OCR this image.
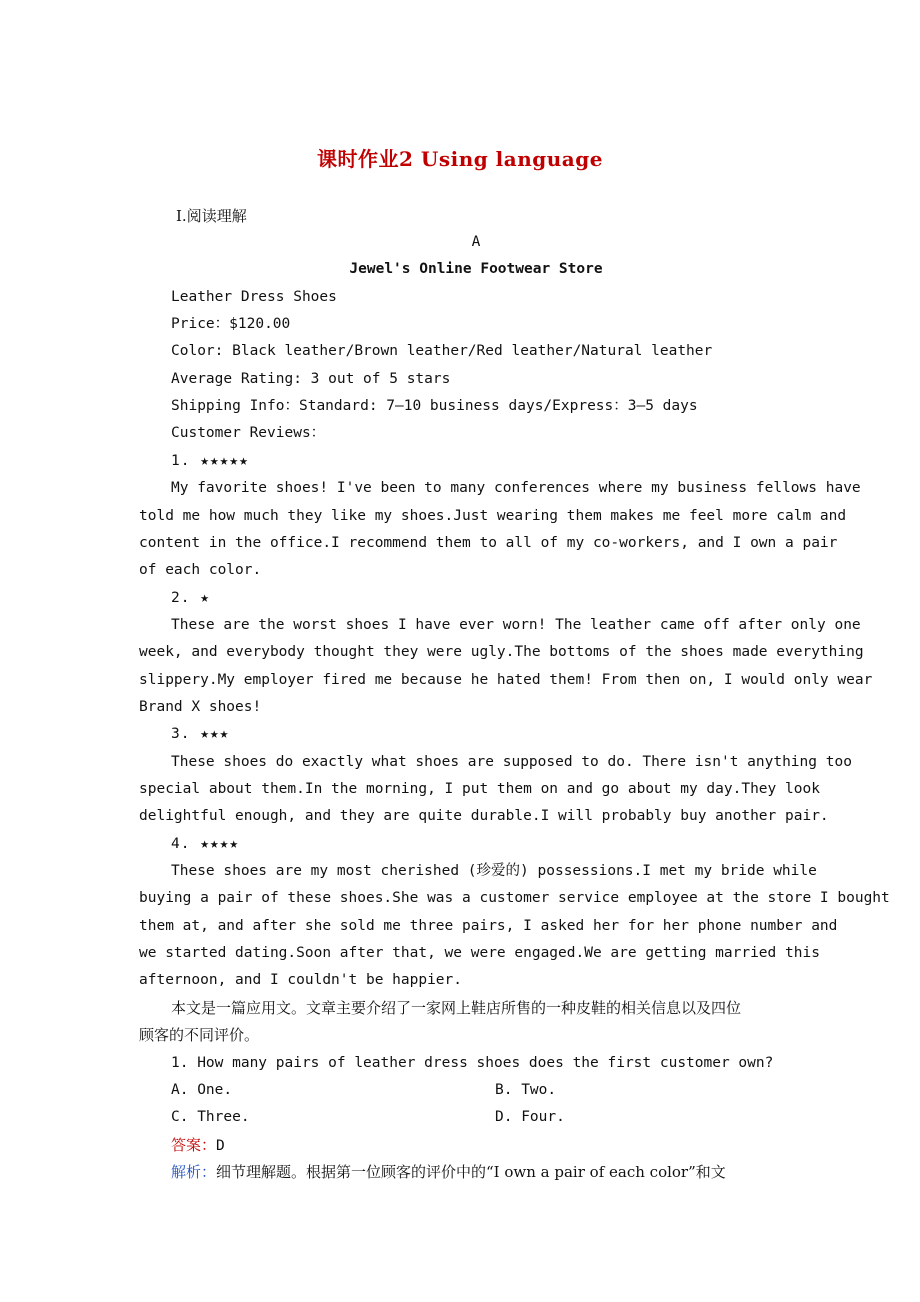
课时作业2 Using language
Ⅰ.阅读理解
A
Jewel's Online Footwear Store
Leather Dress Shoes
Price：$120.00
Color: Black leather/Brown leather/Red leather/Natural leather
Average Rating: 3 out of 5 stars
Shipping Info：Standard: 7—10 business days/Express：3—5 days
Customer Reviews：
1. ★★★★★
My favorite shoes! I've been to many conferences where my business fellows have
told me how much they like my shoes.Just wearing them makes me feel more calm and
content in the office.I recommend them to all of my co-workers, and I own a pair
of each color.
2. ★
These are the worst shoes I have ever worn! The leather came off after only one
week, and everybody thought they were ugly.The bottoms of the shoes made everything
slippery.My employer fired me because he hated them! From then on, I would only wear
Brand X shoes!
3. ★★★
These shoes do exactly what shoes are supposed to do. There isn't anything too
special about them.In the morning, I put them on and go about my day.They look
delightful enough, and they are quite durable.I will probably buy another pair.
4. ★★★★
These shoes are my most cherished (珍爱的) possessions.I met my bride while
buying a pair of these shoes.She was a customer service employee at the store I bought
them at, and after she sold me three pairs, I asked her for her phone number and
we started dating.Soon after that, we were engaged.We are getting married this
afternoon, and I couldn't be happier.
本文是一篇应用文。文章主要介绍了一家网上鞋店所售的一种皮鞋的相关信息以及四位
顾客的不同评价。
1. How many pairs of leather dress shoes does the first customer own?
A. One.	B. Two.
C. Three.	D. Four.
答案：D
解析：细节理解题。根据第一位顾客的评价中的“I own a pair of each color”和文
